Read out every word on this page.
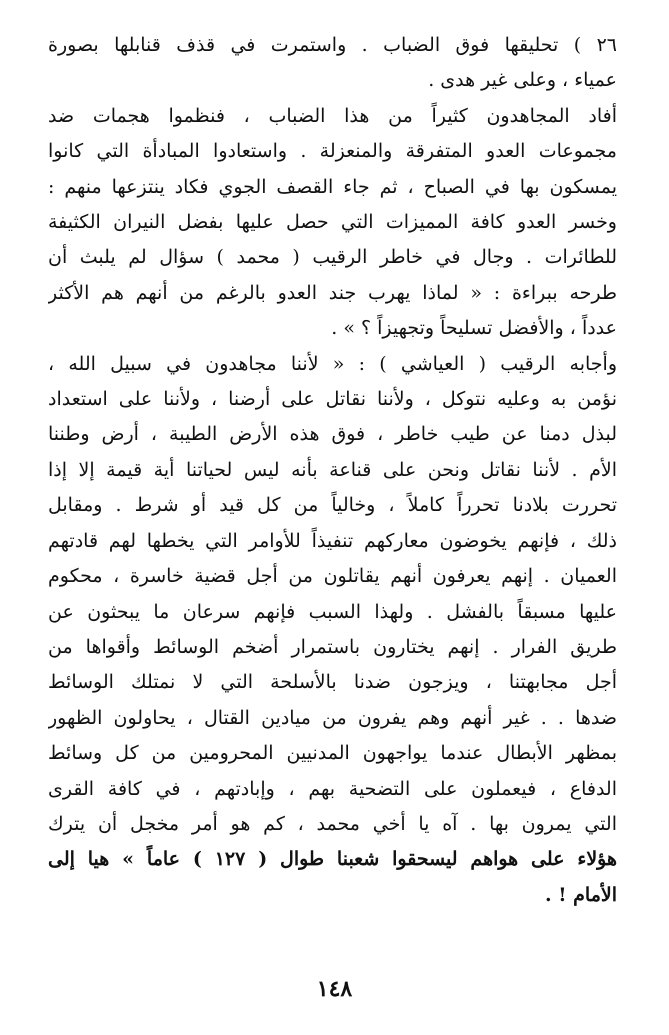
٢٦ ) تحليقها فوق الضباب . واستمرت في قذف قنابلها بصورة
عمياء ، وعلى غير هدى .
أفاد المجاهدون كثيراً من هذا الضباب ، فنظموا هجمات ضد
مجموعات العدو المتفرقة والمنعزلة . واستعادوا المبادأة التي كانوا
يمسكون بها في الصباح ، ثم جاء القصف الجوي فكاد ينتزعها منهم :
وخسر العدو كافة المميزات التي حصل عليها بفضل النيران الكثيفة
للطائرات . وجال في خاطر الرقيب ( محمد ) سؤال لم يلبث أن
طرحه ببراءة : « لماذا يهرب جند العدو بالرغم من أنهم هم الأكثر
عدداً ، والأفضل تسليحاً وتجهيزاً ؟ » .
وأجابه الرقيب ( العياشي ) : « لأننا مجاهدون في سبيل الله ،
نؤمن به وعليه نتوكل ، ولأننا نقاتل على أرضنا ، ولأننا على استعداد
لبذل دمنا عن طيب خاطر ، فوق هذه الأرض الطيبة ، أرض وطننا
الأم . لأننا نقاتل ونحن على قناعة بأنه ليس لحياتنا أية قيمة إلا إذا
تحررت بلادنا تحرراً كاملاً ، وخالياً من كل قيد أو شرط . ومقابل
ذلك ، فإنهم يخوضون معاركهم تنفيذاً للأوامر التي يخطها لهم قادتهم
العميان . إنهم يعرفون أنهم يقاتلون من أجل قضية خاسرة ، محكوم
عليها مسبقاً بالفشل . ولهذا السبب فإنهم سرعان ما يبحثون عن
طريق الفرار . إنهم يختارون باستمرار أضخم الوسائط وأقواها من
أجل مجابهتنا ، ويزجون ضدنا بالأسلحة التي لا نمتلك الوسائط
ضدها . . غير أنهم وهم يفرون من ميادين القتال ، يحاولون الظهور
بمظهر الأبطال عندما يواجهون المدنيين المحرومين من كل وسائط
الدفاع ، فيعملون على التضحية بهم ، وإبادتهم ، في كافة القرى
التي يمرون بها . آه يا أخي محمد ، كم هو أمر مخجل أن يترك
هؤلاء على هواهم ليسحقوا شعبنا طوال ( ١٢٧ ) عاماً » هيا إلى
الأمام ! .
١٤٨
